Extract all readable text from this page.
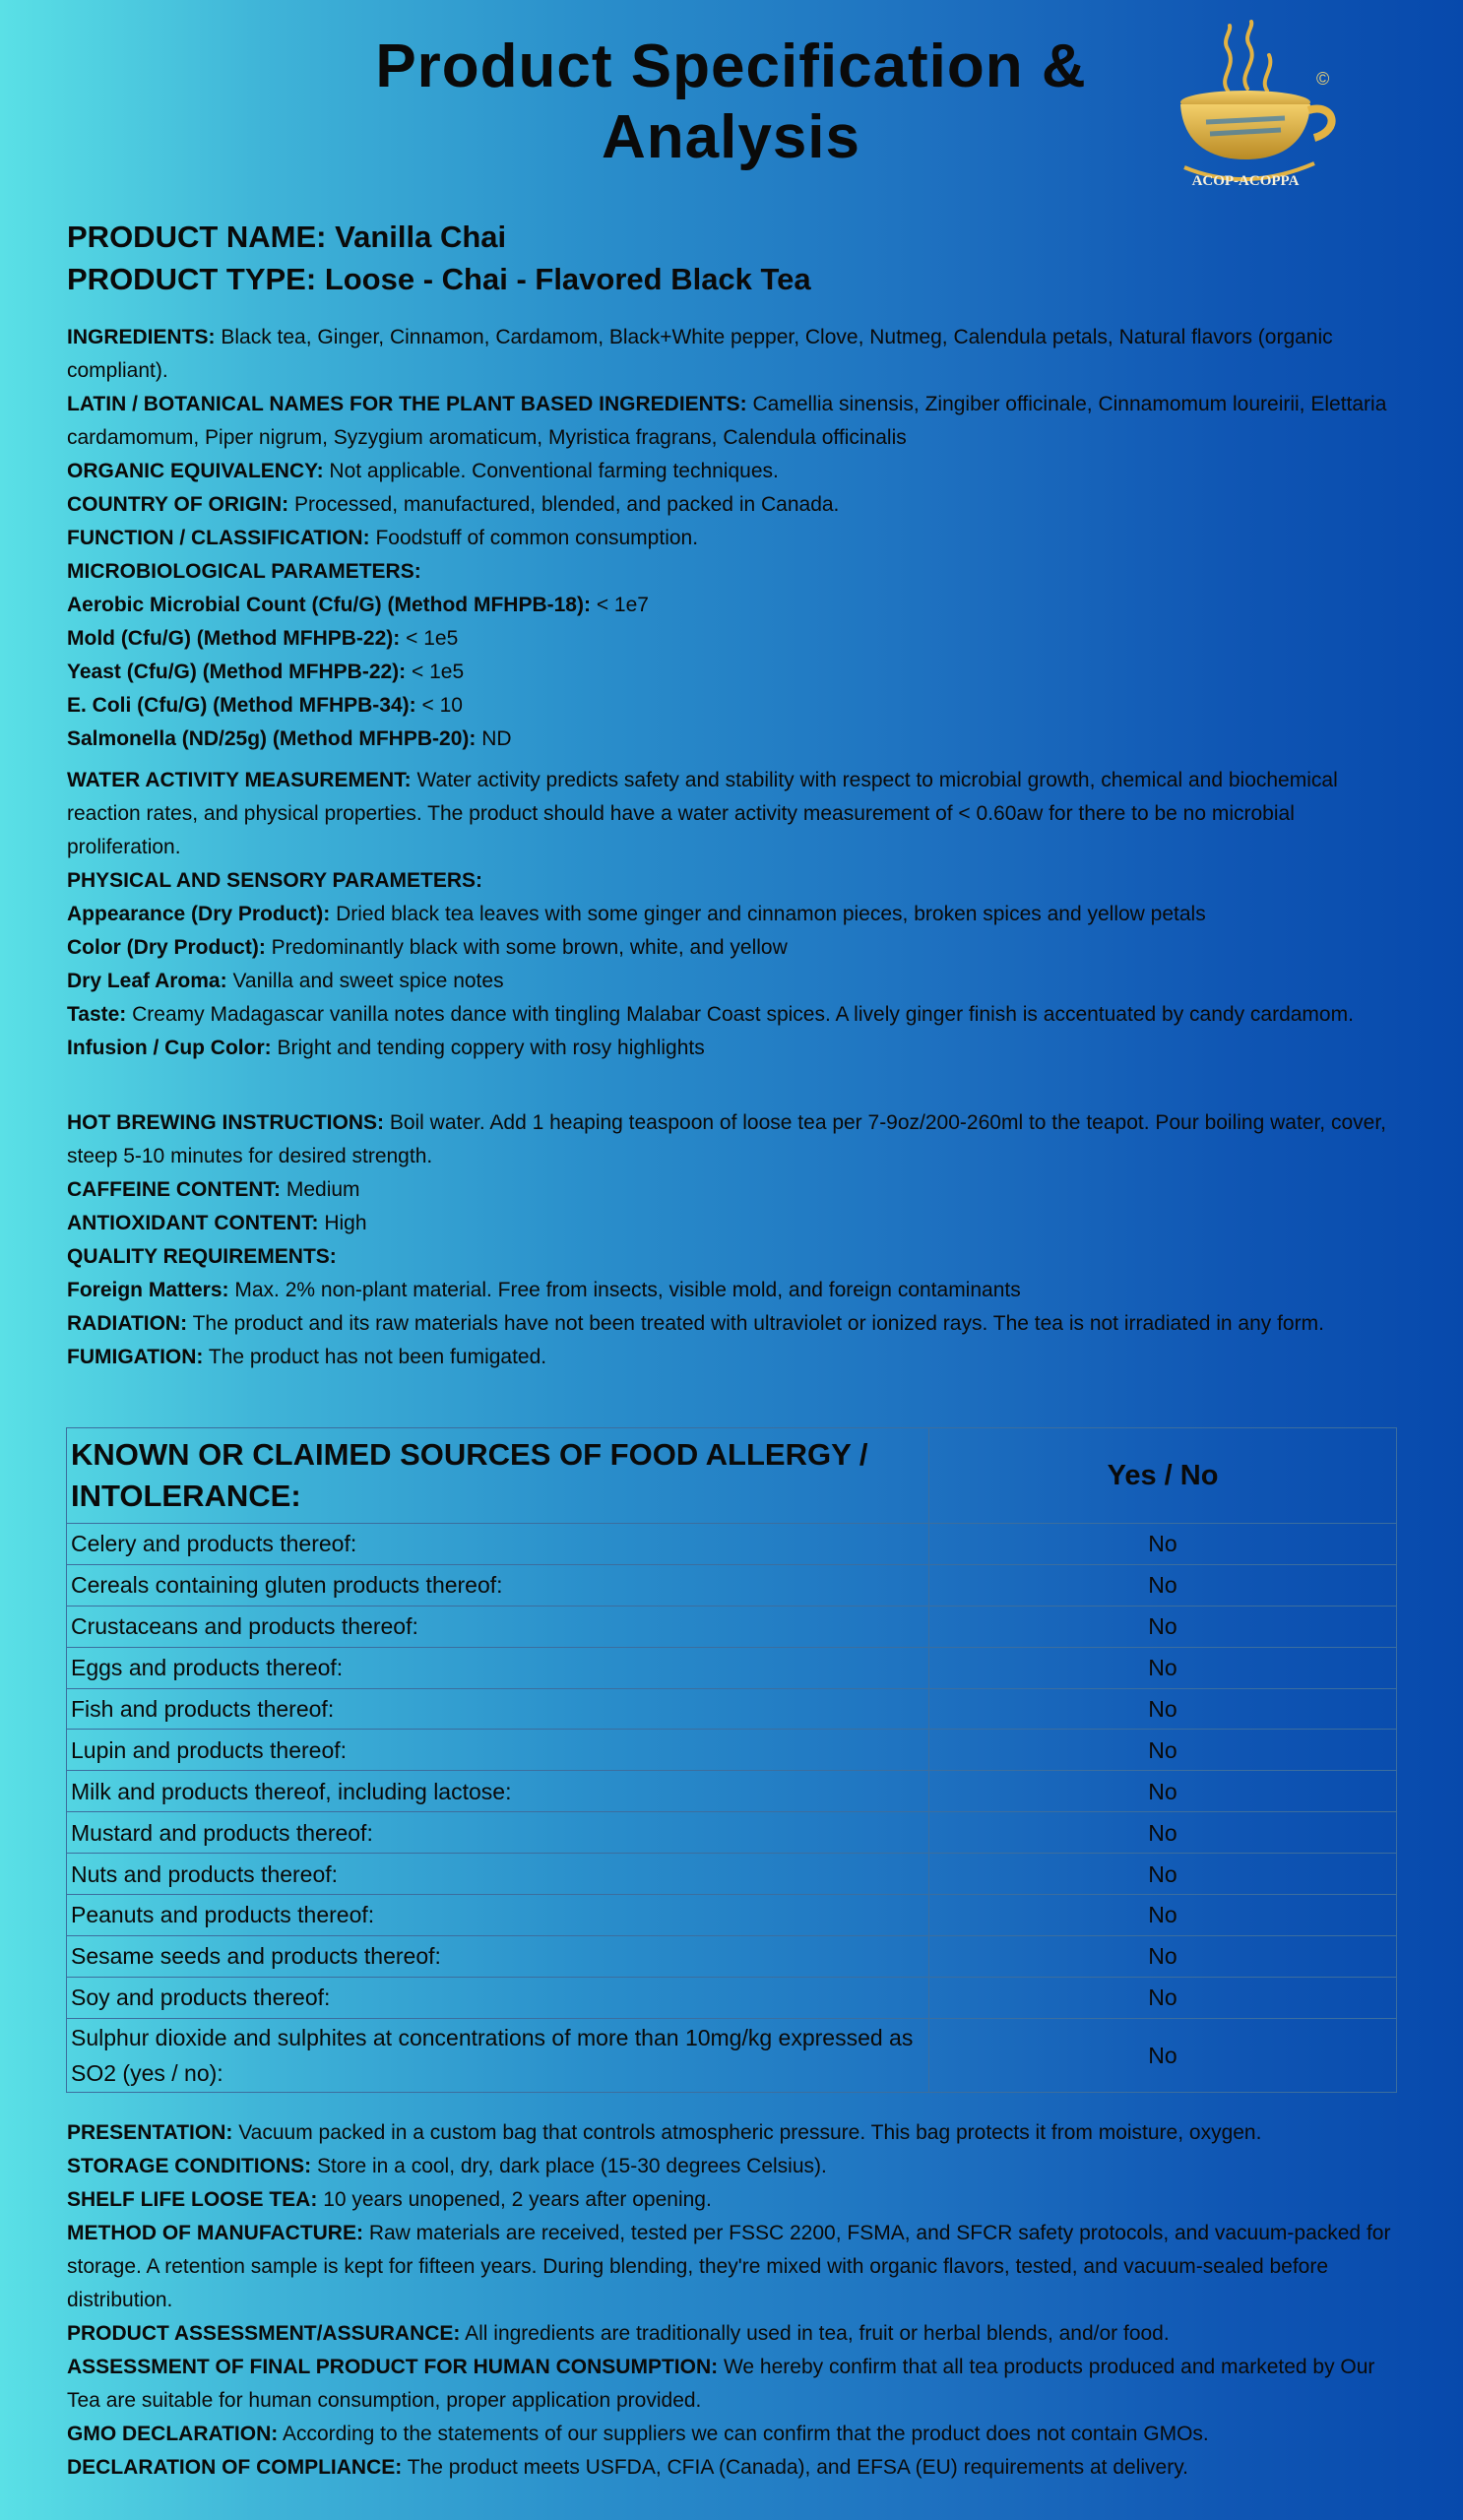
Product Specification &
Analysis
ACOP-ACOPPA
©
PRODUCT NAME: Vanilla Chai
PRODUCT TYPE: Loose - Chai - Flavored Black Tea

INGREDIENTS: Black tea, Ginger, Cinnamon, Cardamom, Black+White pepper, Clove, Nutmeg, Calendula petals, Natural flavors (organic compliant).

LATIN / BOTANICAL NAMES FOR THE PLANT BASED INGREDIENTS: Camellia sinensis, Zingiber officinale, Cinnamomum loureirii, Elettaria cardamomum, Piper nigrum, Syzygium aromaticum, Myristica fragrans, Calendula officinalis

ORGANIC EQUIVALENCY: Not applicable. Conventional farming techniques.

COUNTRY OF ORIGIN: Processed, manufactured, blended, and packed in Canada.

FUNCTION / CLASSIFICATION: Foodstuff of common consumption.

MICROBIOLOGICAL PARAMETERS:

Aerobic Microbial Count (Cfu/G) (Method MFHPB-18): < 1e7

Mold (Cfu/G) (Method MFHPB-22): < 1e5

Yeast (Cfu/G) (Method MFHPB-22): < 1e5

E. Coli (Cfu/G) (Method MFHPB-34): < 10

Salmonella (ND/25g) (Method MFHPB-20): ND

WATER ACTIVITY MEASUREMENT: Water activity predicts safety and stability with respect to microbial growth, chemical and biochemical reaction rates, and physical properties. The product should have a water activity measurement of < 0.60aw for there to be no microbial proliferation.

PHYSICAL AND SENSORY PARAMETERS:

Appearance (Dry Product): Dried black tea leaves with some ginger and cinnamon pieces, broken spices and yellow petals

Color (Dry Product): Predominantly black with some brown, white, and yellow

Dry Leaf Aroma: Vanilla and sweet spice notes

Taste: Creamy Madagascar vanilla notes dance with tingling Malabar Coast spices. A lively ginger finish is accentuated by candy cardamom.

Infusion / Cup Color: Bright and tending coppery with rosy highlights

HOT BREWING INSTRUCTIONS: Boil water. Add 1 heaping teaspoon of loose tea per 7-9oz/200-260ml to the teapot. Pour boiling water, cover, steep 5-10 minutes for desired strength.

CAFFEINE CONTENT: Medium

ANTIOXIDANT CONTENT: High

QUALITY REQUIREMENTS:

Foreign Matters: Max. 2% non-plant material. Free from insects, visible mold, and foreign contaminants

RADIATION: The product and its raw materials have not been treated with ultraviolet or ionized rays. The tea is not irradiated in any form.

FUMIGATION: The product has not been fumigated.

KNOWN OR CLAIMED SOURCES OF FOOD ALLERGY / INTOLERANCE:	Yes / No
Celery and products thereof:	No
Cereals containing gluten products thereof:	No
Crustaceans and products thereof:	No
Eggs and products thereof:	No
Fish and products thereof:	No
Lupin and products thereof:	No
Milk and products thereof, including lactose:	No
Mustard and products thereof:	No
Nuts and products thereof:	No
Peanuts and products thereof:	No
Sesame seeds and products thereof:	No
Soy and products thereof:	No
Sulphur dioxide and sulphites at concentrations of more than 10mg/kg expressed as SO2 (yes / no):	No

PRESENTATION: Vacuum packed in a custom bag that controls atmospheric pressure. This bag protects it from moisture, oxygen.

STORAGE CONDITIONS: Store in a cool, dry, dark place (15-30 degrees Celsius).

SHELF LIFE LOOSE TEA: 10 years unopened, 2 years after opening.

METHOD OF MANUFACTURE: Raw materials are received, tested per FSSC 2200, FSMA, and SFCR safety protocols, and vacuum-packed for storage. A retention sample is kept for fifteen years. During blending, they're mixed with organic flavors, tested, and vacuum-sealed before distribution.

PRODUCT ASSESSMENT/ASSURANCE: All ingredients are traditionally used in tea, fruit or herbal blends, and/or food.

ASSESSMENT OF FINAL PRODUCT FOR HUMAN CONSUMPTION: We hereby confirm that all tea products produced and marketed by Our Tea are suitable for human consumption, proper application provided.

GMO DECLARATION: According to the statements of our suppliers we can confirm that the product does not contain GMOs.

DECLARATION OF COMPLIANCE: The product meets USFDA, CFIA (Canada), and EFSA (EU) requirements at delivery.
